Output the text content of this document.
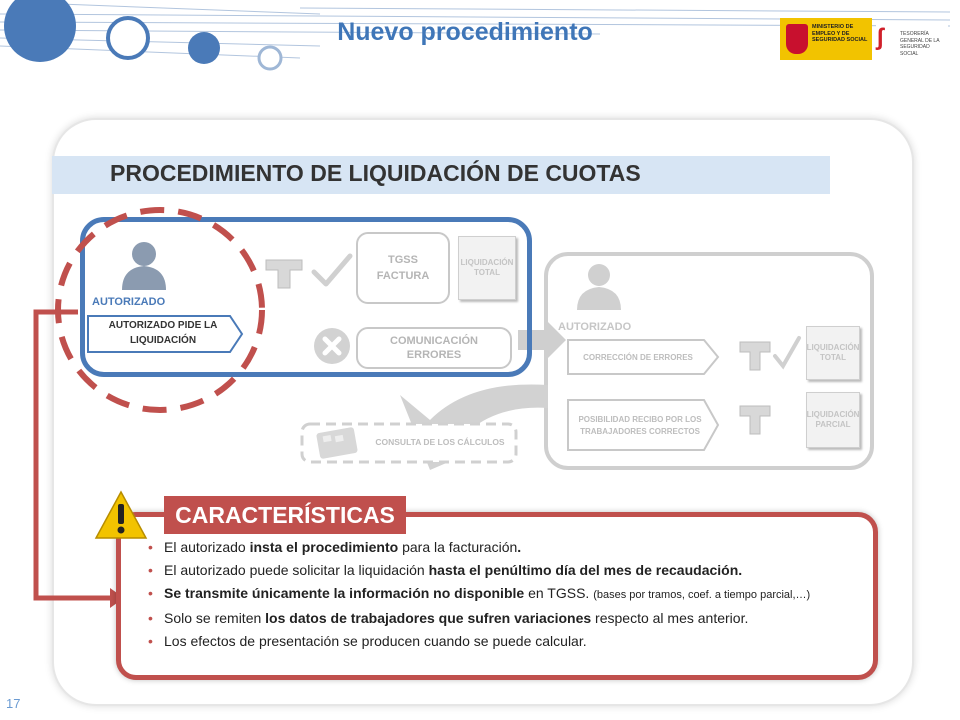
Nuevo procedimiento	MINISTERIO DE EMPLEO Y DE SEGURIDAD SOCIAL ʃ	TESORERÍA GENERAL DE LA SEGURIDAD SOCIAL
PROCEDIMIENTO DE LIQUIDACIÓN DE CUOTAS
AUTORIZADO
AUTORIZADO PIDE LA LIQUIDACIÓN
TGSS FACTURA
LIQUIDACIÓN TOTAL
COMUNICACIÓN ERRORES
AUTORIZADO
CORRECCIÓN DE ERRORES
LIQUIDACIÓN TOTAL
POSIBILIDAD RECIBO POR LOS TRABAJADORES CORRECTOS
LIQUIDACIÓN PARCIAL
CONSULTA DE LOS CÁLCULOS
CARACTERÍSTICAS
• El autorizado insta el procedimiento para la facturación.
• El autorizado puede solicitar la liquidación hasta el penúltimo día del mes de recaudación.
• Se transmite únicamente la información no disponible en TGSS. (bases por tramos, coef. a tiempo parcial,…)
• Solo se remiten los datos de trabajadores que sufren variaciones respecto al mes anterior.
• Los efectos de presentación se producen cuando se puede calcular.
17
